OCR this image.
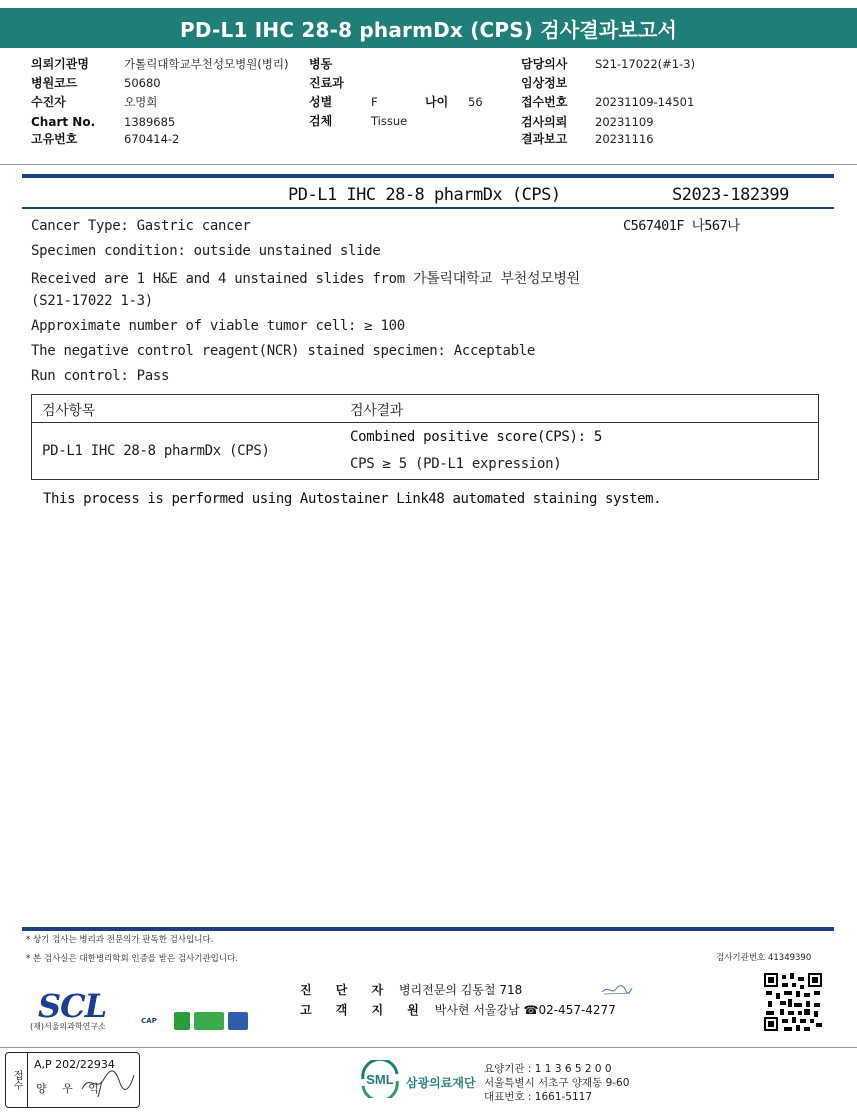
PD-L1 IHC 28-8 pharmDx (CPS) 검사결과보고서
의뢰기관명	가톨릭대학교부천성모병원(병리)
병원코드	50680
수진자	오명희
Chart No.	1389685
고유번호	670414-2
병동
진료과
성별	F	나이 56
검체	Tissue
담당의사 S21-17022(#1-3)
임상정보
접수번호 20231109-14501
검사의뢰 20231109
결과보고 20231116
PD-L1 IHC 28-8 pharmDx (CPS)	S2023-182399
C567401F 나567나
Cancer Type: Gastric cancer
Specimen condition: outside unstained slide
Received are 1 H&E and 4 unstained slides from 가톨릭대학교 부천성모병원
(S21-17022 1-3)
Approximate number of viable tumor cell: ≥ 100
The negative control reagent(NCR) stained specimen: Acceptable
Run control: Pass
검사항목	검사결과
PD-L1 IHC 28-8 pharmDx (CPS)
Combined positive score(CPS): 5
CPS ≥ 5 (PD-L1 expression)
This process is performed using Autostainer Link48 automated staining system.
* 상기 검사는 병리과 전문의가 판독한 검사입니다.
* 본 검사실은 대한병리학회 인증을 받은 검사기관입니다.	검사기관번호 41349390
진 단 자 병리전문의 김동철 718
고 객 지 원 박사현 서울강남 ☎02-457-4277
SCL
(재)서울의과학연구소
CAP
접수
A,P 202/22934
양 우 익
SML 삼광의료재단
요양기관 : 1 1 3 6 5 2 0 0
서울특별시 서초구 양재동 9-60
대표번호 : 1661-5117
